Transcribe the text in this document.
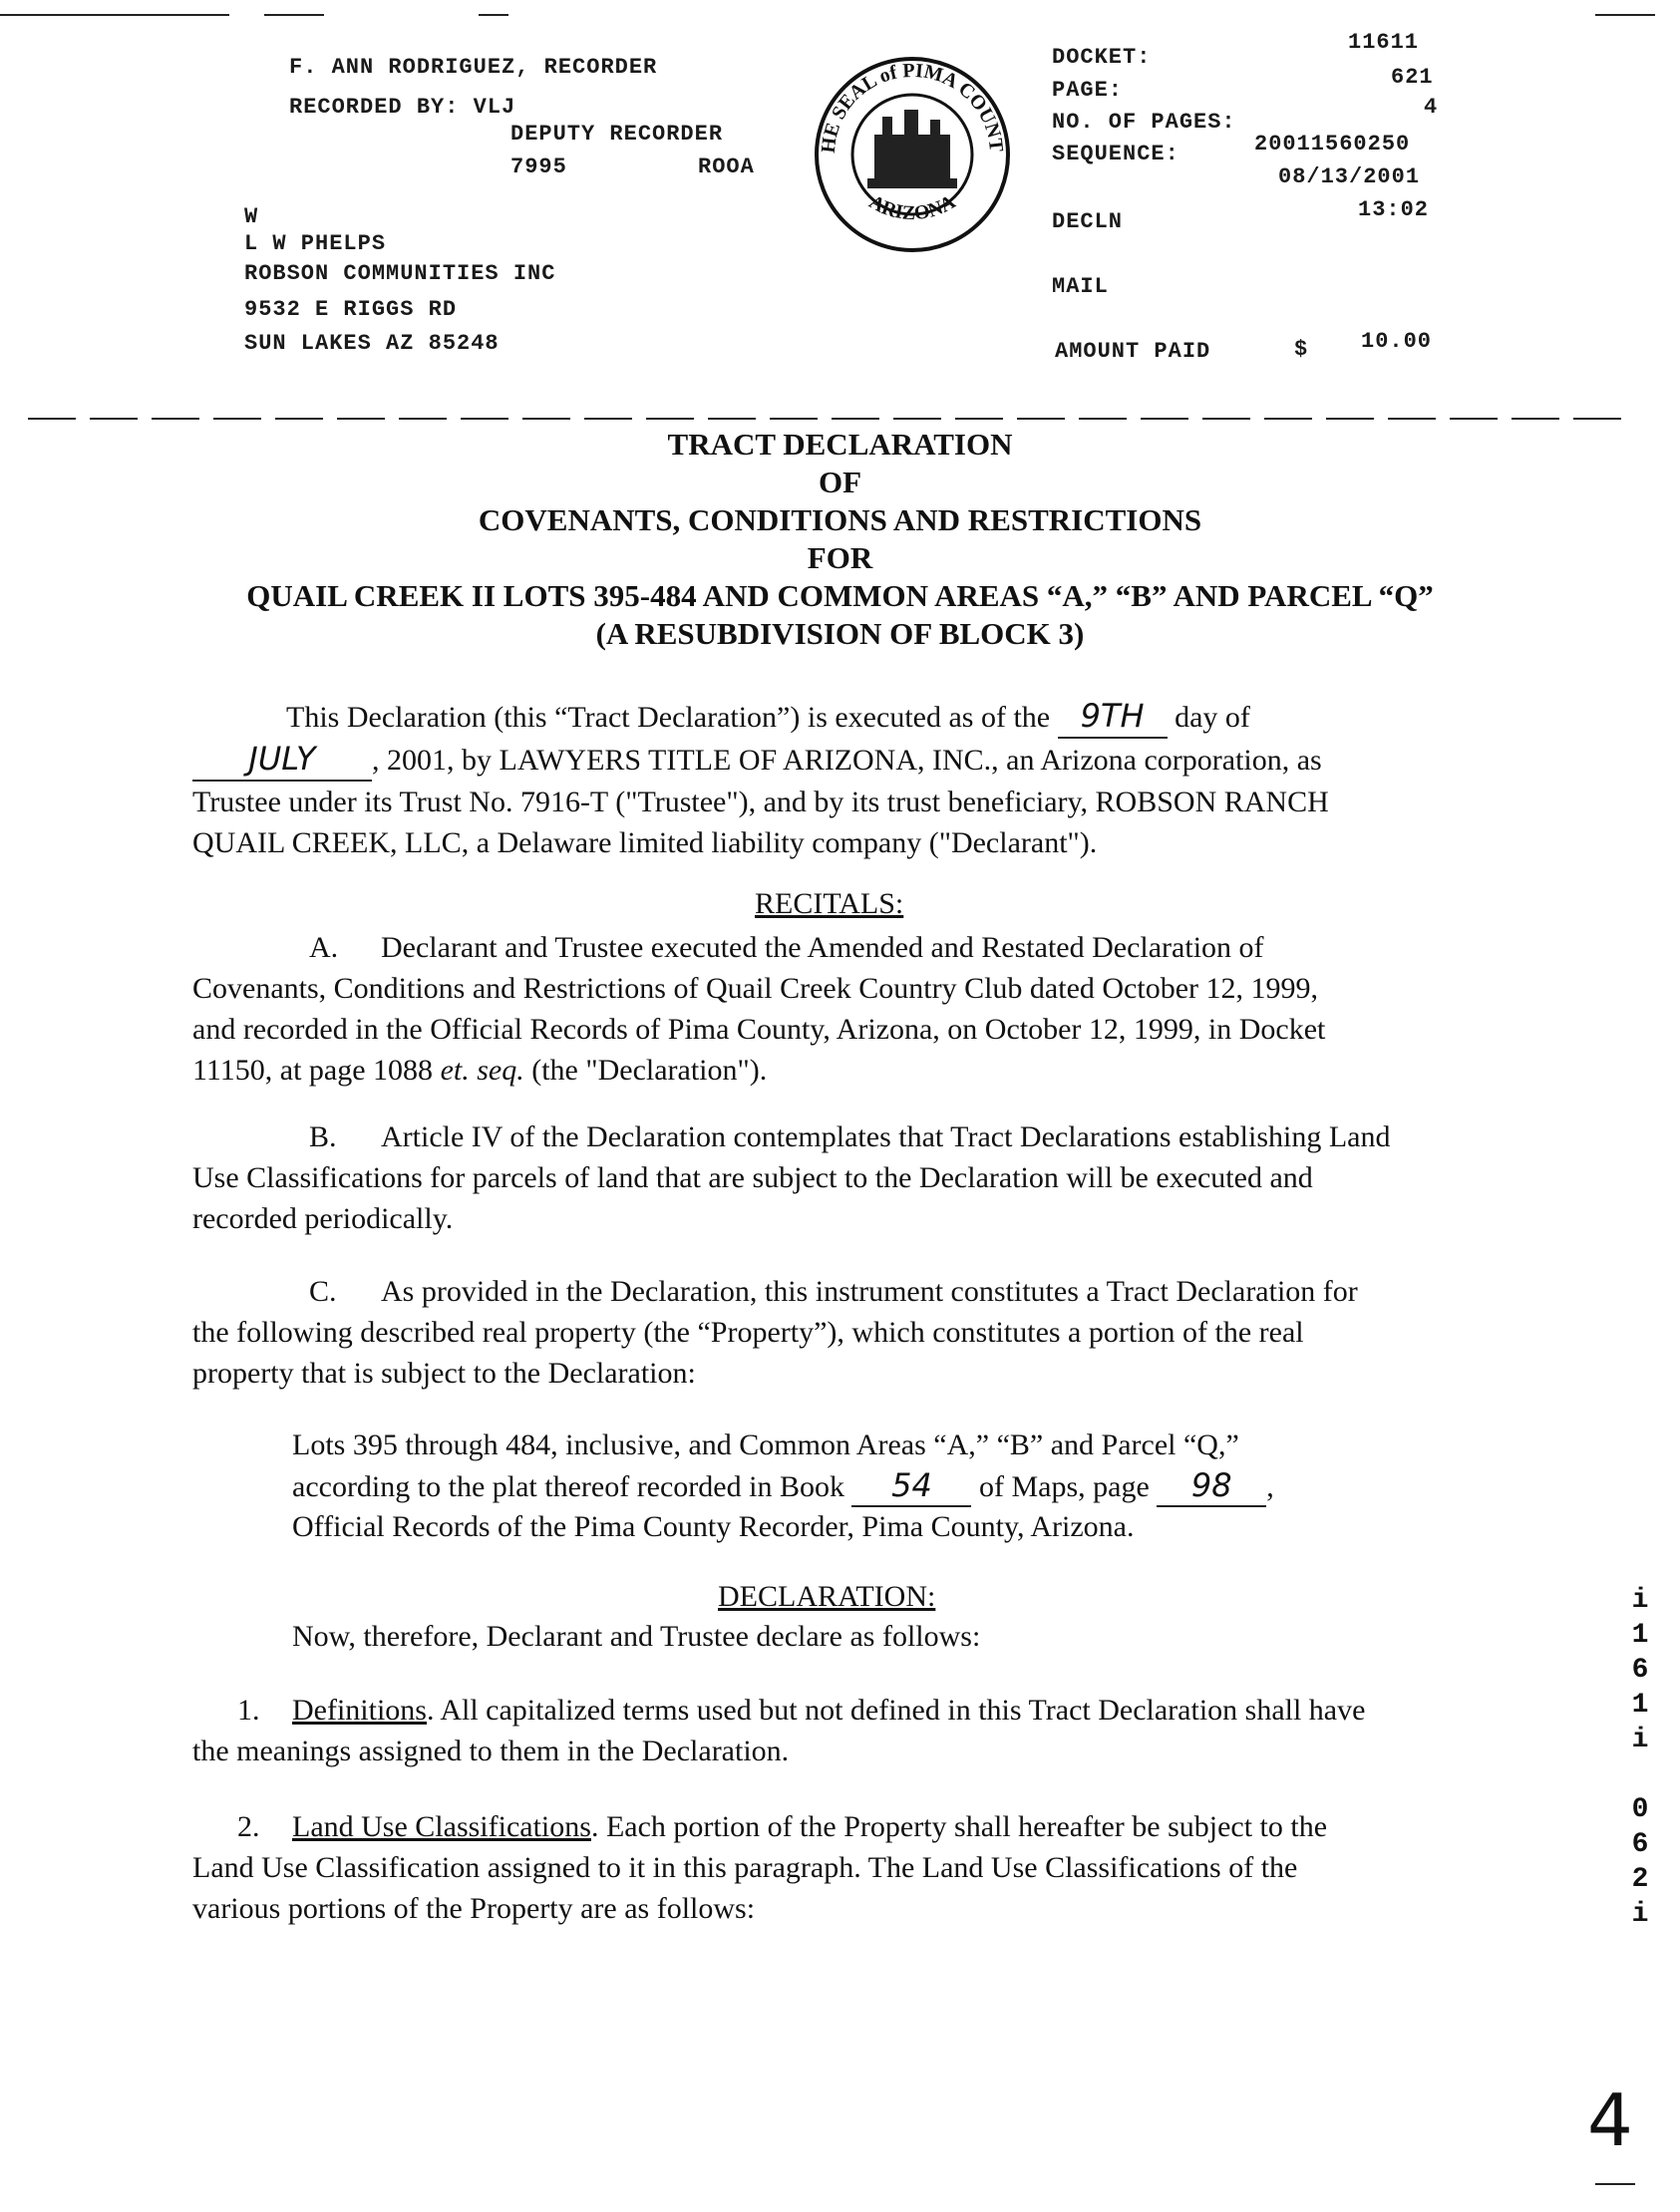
F. ANN RODRIGUEZ, RECORDER
RECORDED BY: VLJ
DEPUTY RECORDER
7995	ROOA
W
L W PHELPS
ROBSON COMMUNITIES INC
9532 E RIGGS RD
SUN LAKES AZ 85248
HE SEAL of PIMA COUNT
ARIZONA
DOCKET:
11611
PAGE:
621
NO. OF PAGES:
4
SEQUENCE:	20011560250
08/13/2001
DECLN	13:02
MAIL
AMOUNT PAID	$ 10.00
TRACT DECLARATION
OF
COVENANTS, CONDITIONS AND RESTRICTIONS
FOR
QUAIL CREEK II LOTS 395-484 AND COMMON AREAS “A,” “B” AND PARCEL “Q”
(A RESUBDIVISION OF BLOCK 3)
This Declaration (this “Tract Declaration”) is executed as of the 9TH day of
JULY , 2001, by LAWYERS TITLE OF ARIZONA, INC., an Arizona corporation, as
Trustee under its Trust No. 7916-T ("Trustee"), and by its trust beneficiary, ROBSON RANCH
QUAIL CREEK, LLC, a Delaware limited liability company ("Declarant").
RECITALS:
A. Declarant and Trustee executed the Amended and Restated Declaration of
Covenants, Conditions and Restrictions of Quail Creek Country Club dated October 12, 1999,
and recorded in the Official Records of Pima County, Arizona, on October 12, 1999, in Docket
11150, at page 1088 et. seq. (the "Declaration").
B. Article IV of the Declaration contemplates that Tract Declarations establishing Land
Use Classifications for parcels of land that are subject to the Declaration will be executed and
recorded periodically.
C. As provided in the Declaration, this instrument constitutes a Tract Declaration for
the following described real property (the “Property”), which constitutes a portion of the real
property that is subject to the Declaration:
Lots 395 through 484, inclusive, and Common Areas “A,” “B” and Parcel “Q,”
according to the plat thereof recorded in Book 54 of Maps, page 98 ,
Official Records of the Pima County Recorder, Pima County, Arizona.
DECLARATION:
Now, therefore, Declarant and Trustee declare as follows:
1. Definitions. All capitalized terms used but not defined in this Tract Declaration shall have
the meanings assigned to them in the Declaration.
2. Land Use Classifications. Each portion of the Property shall hereafter be subject to the
Land Use Classification assigned to it in this paragraph. The Land Use Classifications of the
various portions of the Property are as follows:
i
1
6
1
i
0
6
2
i
4
